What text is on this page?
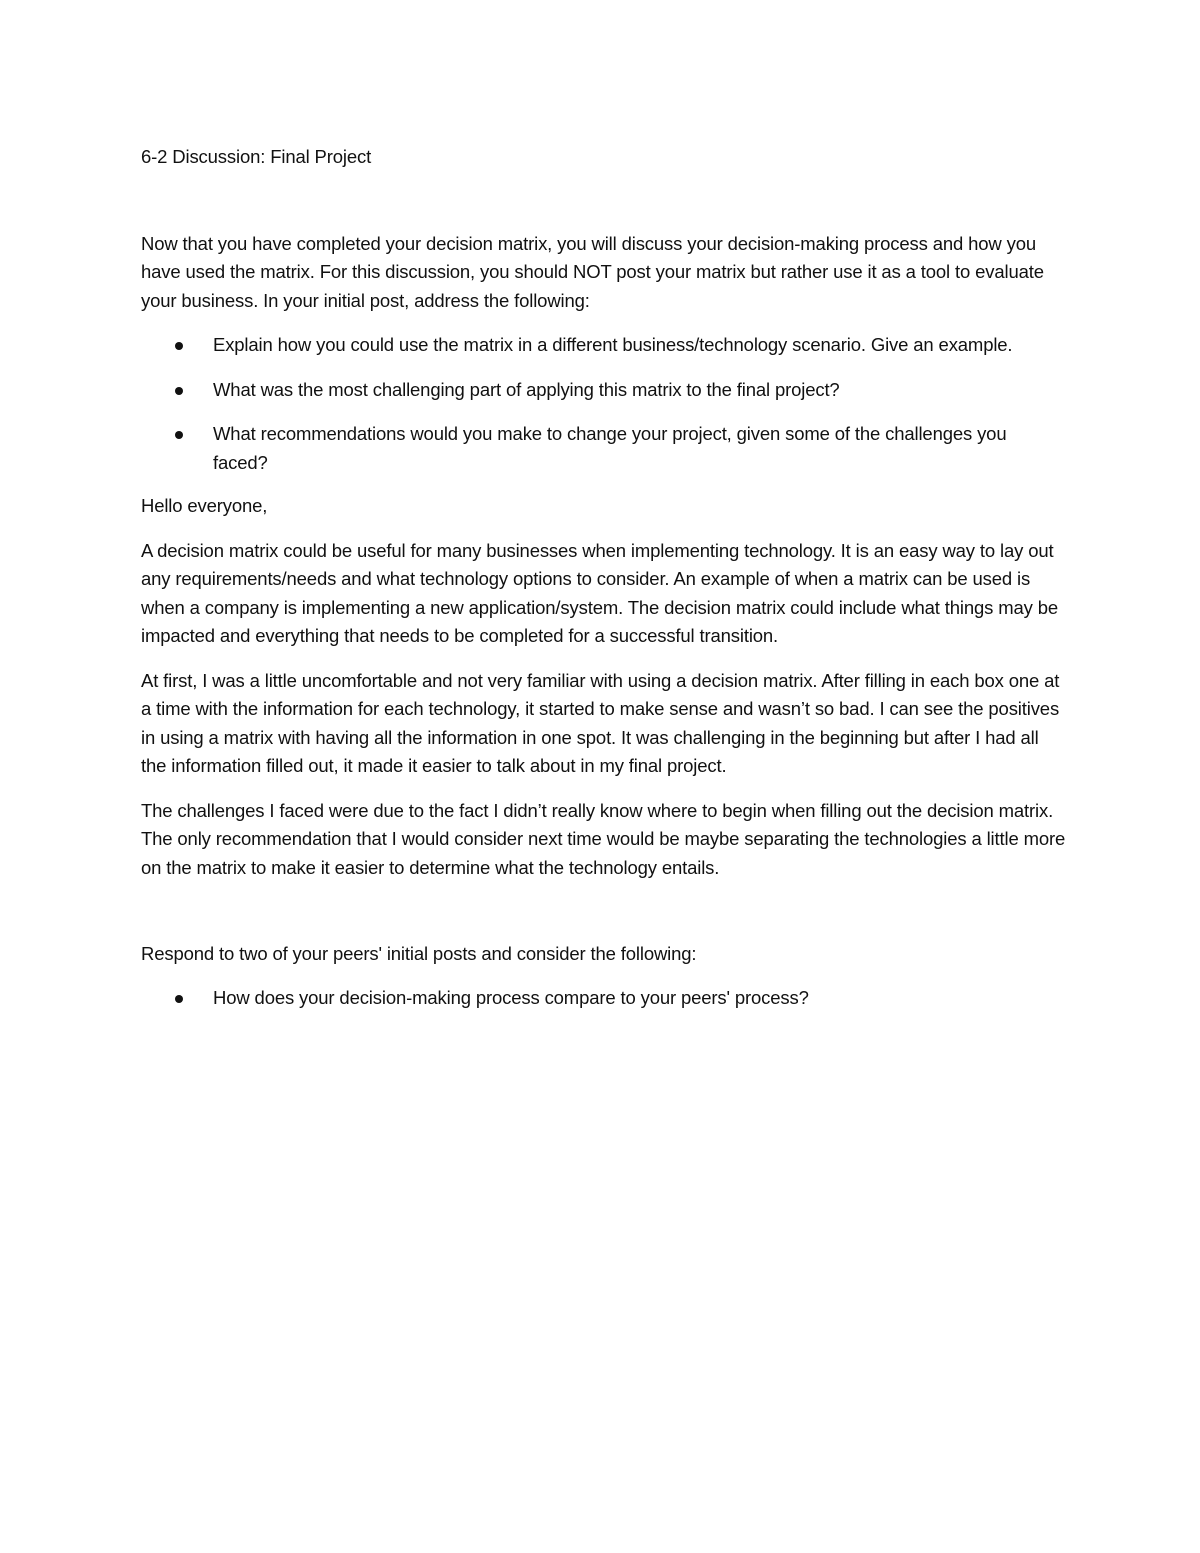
6-2 Discussion: Final Project

Now that you have completed your decision matrix, you will discuss your decision-making process and how you have used the matrix. For this discussion, you should NOT post your matrix but rather use it as a tool to evaluate your business. In your initial post, address the following:

Explain how you could use the matrix in a different business/technology scenario. Give an example.
What was the most challenging part of applying this matrix to the final project?
What recommendations would you make to change your project, given some of the challenges you faced?

Hello everyone,

A decision matrix could be useful for many businesses when implementing technology. It is an easy way to lay out any requirements/needs and what technology options to consider. An example of when a matrix can be used is when a company is implementing a new application/system. The decision matrix could include what things may be impacted and everything that needs to be completed for a successful transition.

At first, I was a little uncomfortable and not very familiar with using a decision matrix. After filling in each box one at a time with the information for each technology, it started to make sense and wasn’t so bad. I can see the positives in using a matrix with having all the information in one spot. It was challenging in the beginning but after I had all the information filled out, it made it easier to talk about in my final project.

The challenges I faced were due to the fact I didn’t really know where to begin when filling out the decision matrix. The only recommendation that I would consider next time would be maybe separating the technologies a little more on the matrix to make it easier to determine what the technology entails.

Respond to two of your peers' initial posts and consider the following:

How does your decision-making process compare to your peers' process?
